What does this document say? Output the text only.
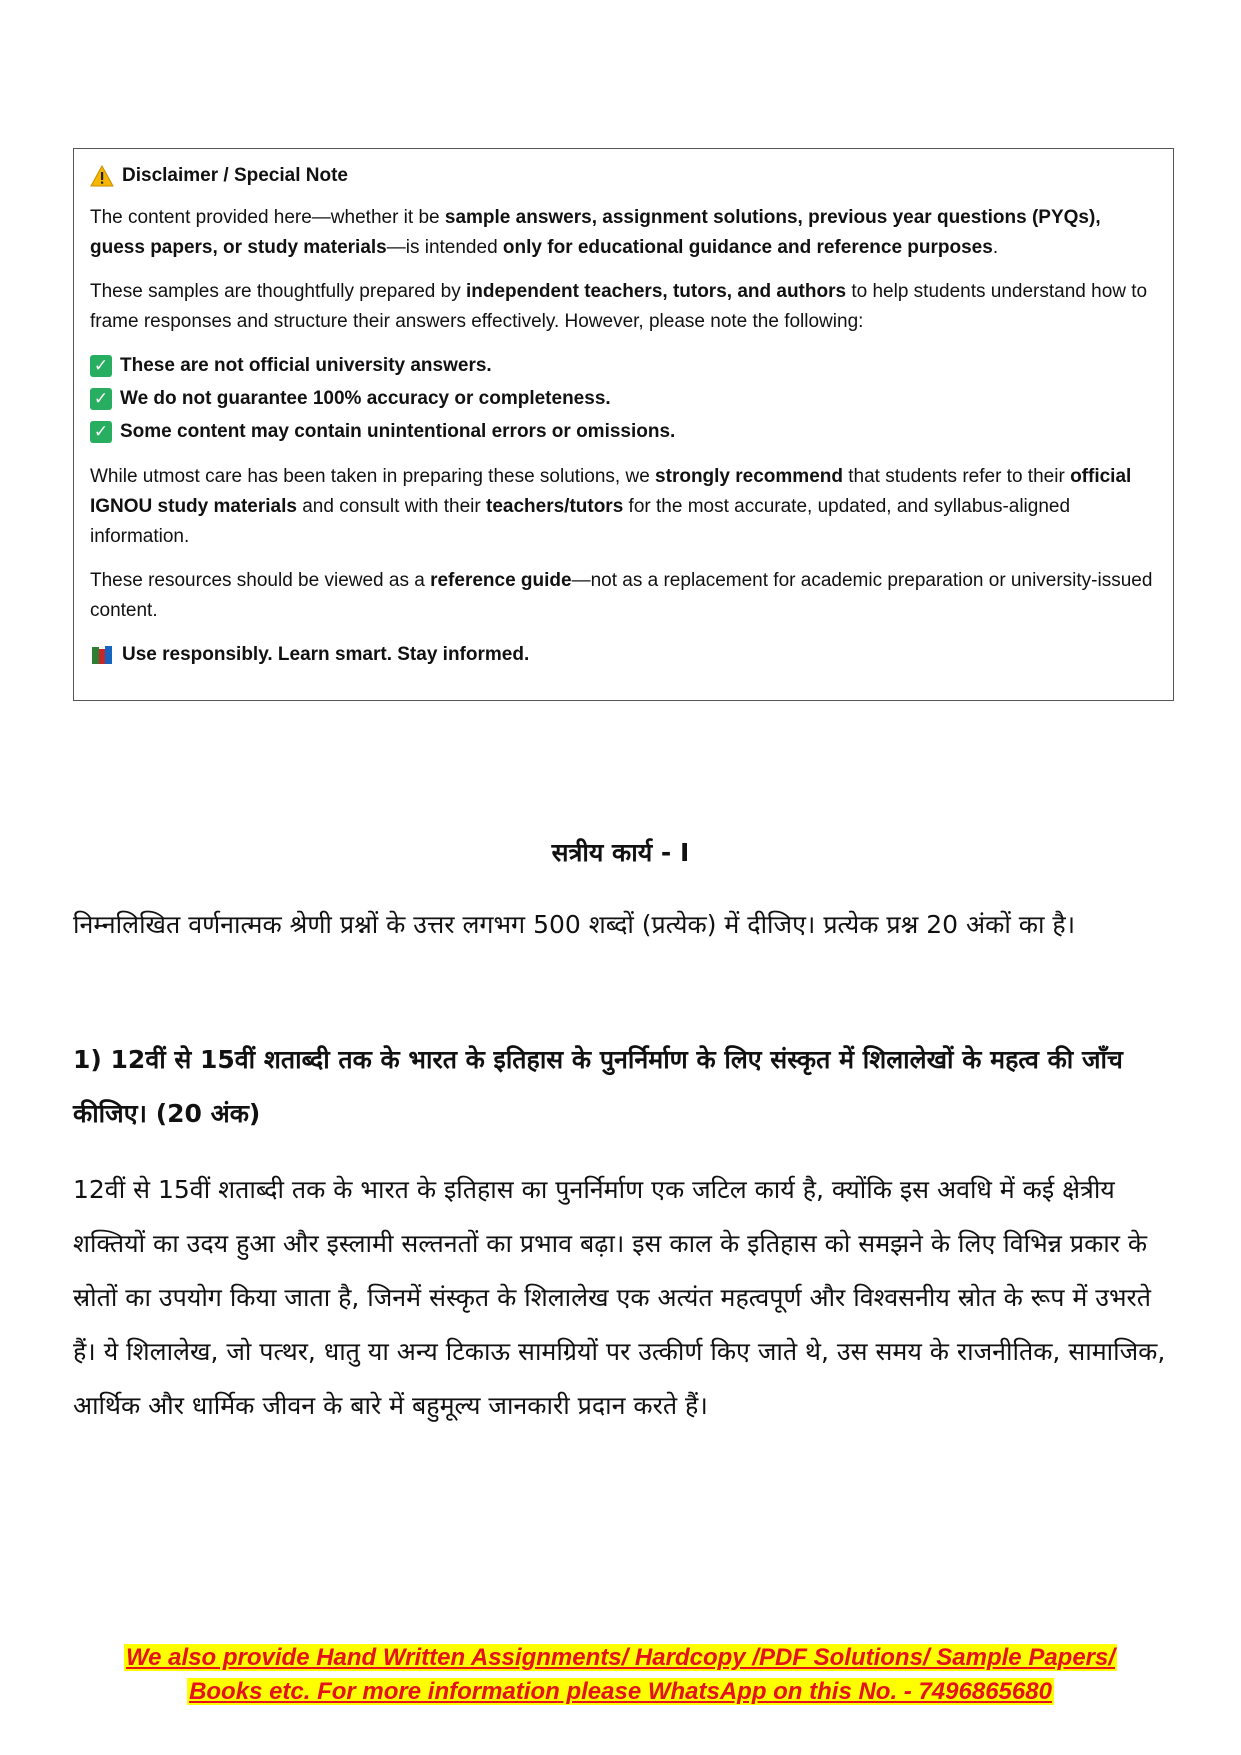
Disclaimer / Special Note

The content provided here—whether it be sample answers, assignment solutions, previous year questions (PYQs), guess papers, or study materials—is intended only for educational guidance and reference purposes.

These samples are thoughtfully prepared by independent teachers, tutors, and authors to help students understand how to frame responses and structure their answers effectively. However, please note the following:

✓ These are not official university answers.
✓ We do not guarantee 100% accuracy or completeness.
✓ Some content may contain unintentional errors or omissions.

While utmost care has been taken in preparing these solutions, we strongly recommend that students refer to their official IGNOU study materials and consult with their teachers/tutors for the most accurate, updated, and syllabus-aligned information.

These resources should be viewed as a reference guide—not as a replacement for academic preparation or university-issued content.

Use responsibly. Learn smart. Stay informed.
सत्रीय कार्य - I
निम्नलिखित वर्णनात्मक श्रेणी प्रश्नों के उत्तर लगभग 500 शब्दों (प्रत्येक) में दीजिए। प्रत्येक प्रश्न 20 अंकों का है।
1) 12वीं से 15वीं शताब्दी तक के भारत के इतिहास के पुनर्निर्माण के लिए संस्कृत में शिलालेखों के महत्व की जाँच कीजिए। (20 अंक)
12वीं से 15वीं शताब्दी तक के भारत के इतिहास का पुनर्निर्माण एक जटिल कार्य है, क्योंकि इस अवधि में कई क्षेत्रीय शक्तियों का उदय हुआ और इस्लामी सल्तनतों का प्रभाव बढ़ा। इस काल के इतिहास को समझने के लिए विभिन्न प्रकार के स्रोतों का उपयोग किया जाता है, जिनमें संस्कृत के शिलालेख एक अत्यंत महत्वपूर्ण और विश्वसनीय स्रोत के रूप में उभरते हैं। ये शिलालेख, जो पत्थर, धातु या अन्य टिकाऊ सामग्रियों पर उत्कीर्ण किए जाते थे, उस समय के राजनीतिक, सामाजिक, आर्थिक और धार्मिक जीवन के बारे में बहुमूल्य जानकारी प्रदान करते हैं।
We also provide Hand Written Assignments/ Hardcopy /PDF Solutions/ Sample Papers/
Books etc. For more information please WhatsApp on this No. - 7496865680
